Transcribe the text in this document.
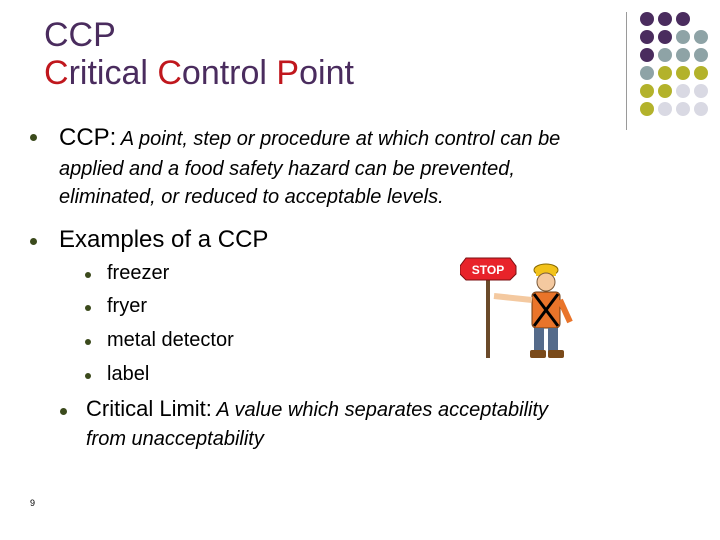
CCP
Critical Control Point
CCP: A point, step or procedure at which control can be
applied and a food safety hazard can be prevented,
eliminated, or reduced to acceptable levels.
Examples of a CCP
freezer
fryer
metal detector
label
Critical Limit: A value which separates acceptability
from unacceptability
STOP
9
